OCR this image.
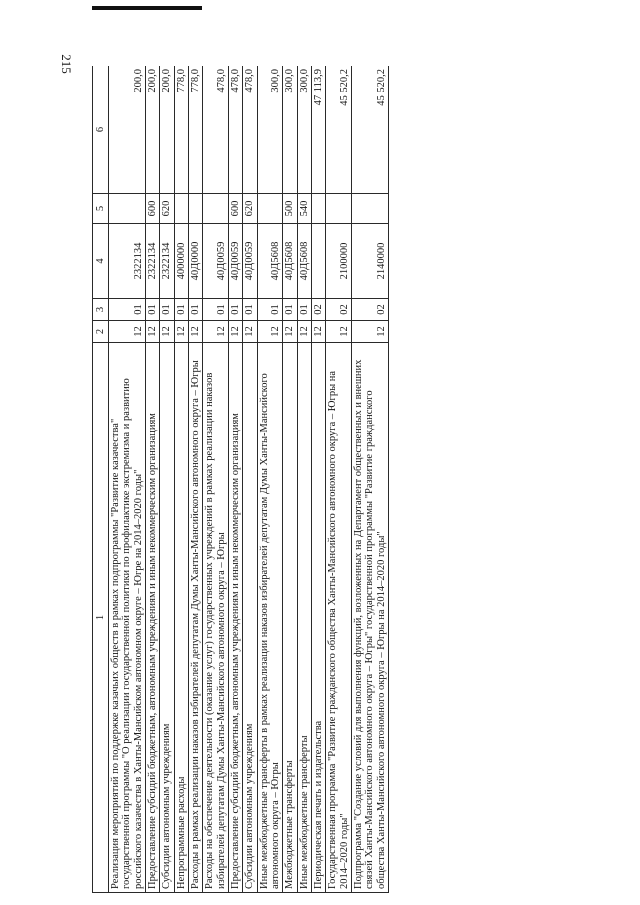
215
1	2	3	4	5	6
Реализация мероприятий по поддержке казачьих обществ в рамках подпрограммы "Развитие казачества" государственной программы "О реализации государственной политики по профилактике экстремизма и развитию российского казачества в Ханты-Мансийском автономном округе – Югре на 2014–2020 годы"	12	01	2322134		200,0
Предоставление субсидий бюджетным, автономным учреждениям и иным некоммерческим организациям	12	01	2322134	600	200,0
Субсидии автономным учреждениям	12	01	2322134	620	200,0
Непрограммные расходы	12	01	4000000		778,0
Расходы в рамках реализации наказов избирателей депутатам Думы Ханты-Мансийского автономного округа – Югры	12	01	40Д0000		778,0
Расходы на обеспечение деятельности (оказание услуг) государственных учреждений в рамках реализации наказов избирателей депутатам Думы Ханты-Мансийского автономного округа – Югры	12	01	40Д0059		478,0
Предоставление субсидий бюджетным, автономным учреждениям и иным некоммерческим организациям	12	01	40Д0059	600	478,0
Субсидии автономным учреждениям	12	01	40Д0059	620	478,0
Иные межбюджетные трансферты в рамках реализации наказов избирателей депутатам Думы Ханты-Мансийского автономного округа – Югры	12	01	40Д5608		300,0
Межбюджетные трансферты	12	01	40Д5608	500	300,0
Иные межбюджетные трансферты	12	01	40Д5608	540	300,0
Периодическая печать и издательства	12	02			47 113,9
Государственная программа "Развитие гражданского общества Ханты-Мансийского автономного округа – Югры на 2014–2020 годы"	12	02	2100000		45 520,2
Подпрограмма "Создание условий для выполнения функций, возложенных на Департамент общественных и внешних связей Ханты-Мансийского автономного округа – Югры" государственной программы "Развитие гражданского общества Ханты-Мансийского автономного округа – Югры на 2014–2020 годы"	12	02	2140000		45 520,2
